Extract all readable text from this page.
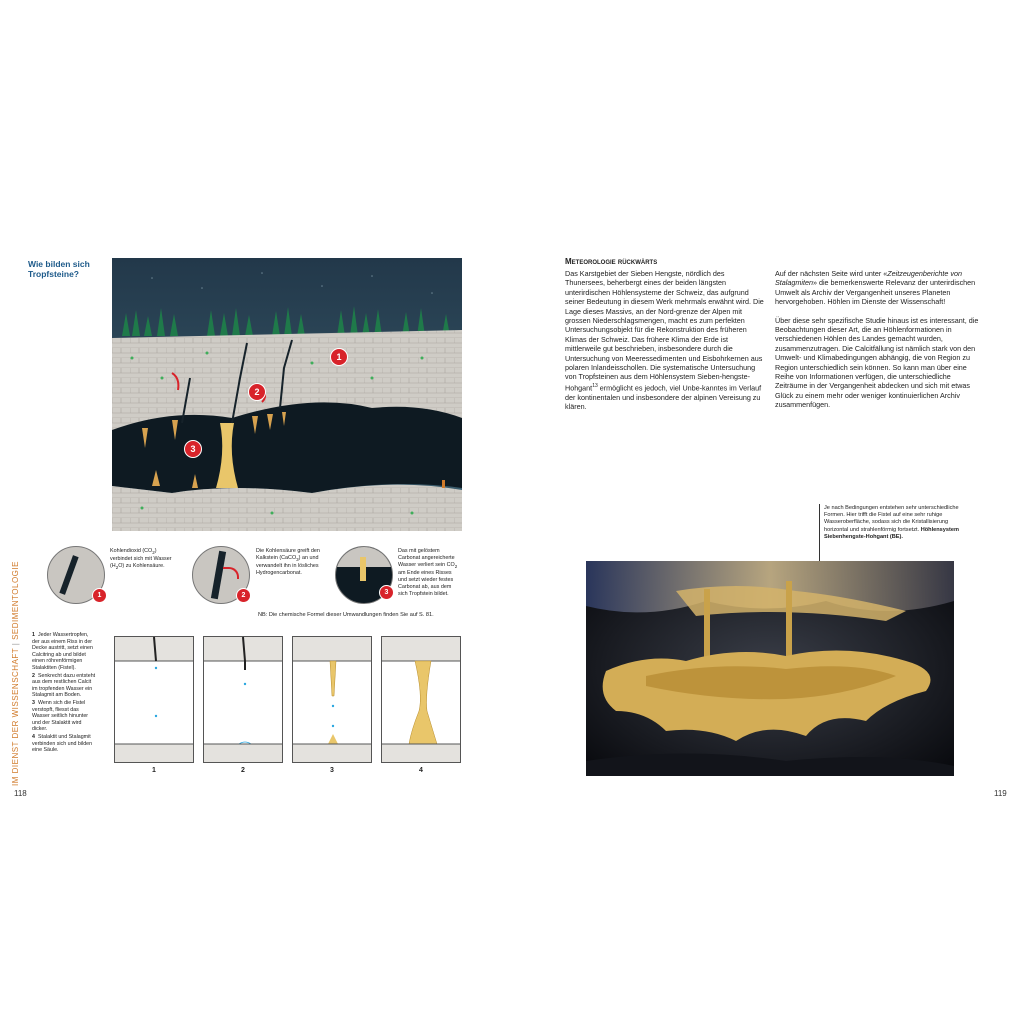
Wie bilden sich
Tropfsteine?
1
2
3
1
Kohlendioxid $(CO_2)$ verbindet sich mit Wasser $(H_2O)$ zu Kohlensäure.
2
Die Kohlensäure greift den Kalkstein (CaCO$_3$) an und verwandelt ihn in lösliches Hydrogencarbonat.
3
Das mit gelöstem Carbonat angereicherte Wasser verliert sein $CO_2$ am Ende eines Risses und setzt wieder festes Carbonat ab, aus dem sich Tropfstein bildet.
NB: Die chemische Formel dieser Umwandlungen finden Sie auf S. 81.
1 Jeder Wassertropfen, der aus einem Riss in der Decke austritt, setzt einen Calcitring ab und bildet einen röhrenförmigen Stalaktiten (Fistel).
2 Senkrecht dazu entsteht aus dem restlichen Calcit im tropfenden Wasser ein Stalagmit am Boden.
3 Wenn sich die Fistel verstopft, fliesst das Wasser seitlich hinunter und der Stalaktit wird dicker.
4 Stalaktit und Stalagmit verbinden sich und bilden eine Säule.
1	2	3	4
IM DIENST DER WISSENSCHAFT | SEDIMENTOLOGIE
118
Meteorologie rückwärts
Das Karstgebiet der Sieben Hengste, nördlich des Thunersees, beherbergt eines der beiden längsten unterirdischen Höhlensysteme der Schweiz, das aufgrund seiner Bedeutung in diesem Werk mehrmals erwähnt wird. Die Lage dieses Massivs, an der Nord-grenze der Alpen mit grossen Niederschlagsmengen, macht es zum perfekten Untersuchungsobjekt für die Rekonstruktion des früheren Klimas der Schweiz. Das frühere Klima der Erde ist mittlerweile gut beschrieben, insbesondere durch die Untersuchung von Meeressedimenten und Eisbohrkernen aus polaren Inlandeisschollen. Die systematische Untersuchung von Tropfsteinen aus dem Höhlensystem Sieben-hengste-Hohgant$^{13}$ ermöglicht es jedoch, viel Unbe-kanntes im Verlauf der kontinentalen und insbesondere der alpinen Vereisung zu klären.

Auf der nächsten Seite wird unter «Zeitzeugenberichte von Stalagmiten» die bemerkenswerte Relevanz der unterirdischen Umwelt als Archiv der Vergangenheit unseres Planeten hervorgehoben. Höhlen im Dienste der Wissenschaft!

Über diese sehr spezifische Studie hinaus ist es interessant, die Beobachtungen dieser Art, die an Höhlenformationen in verschiedenen Höhlen des Landes gemacht wurden, zusammenzutragen. Die Calcitfällung ist nämlich stark von den Umwelt- und Klimabedingungen abhängig, die von Region zu Region unterschiedlich sein können. So kann man über eine Reihe von Informationen verfügen, die unterschiedliche Zeiträume in der Vergangenheit abdecken und sich mit etwas Glück zu einem mehr oder weniger kontinuierlichen Archiv zusammenfügen.

Je nach Bedingungen entstehen sehr unterschiedliche Formen. Hier trifft die Fistel auf eine sehr ruhige Wasseroberfläche, sodass sich die Kristallisierung horizontal und strahlenförmig fortsetzt. Höhlensystem Siebenhengste-Hohgant (BE).
119
